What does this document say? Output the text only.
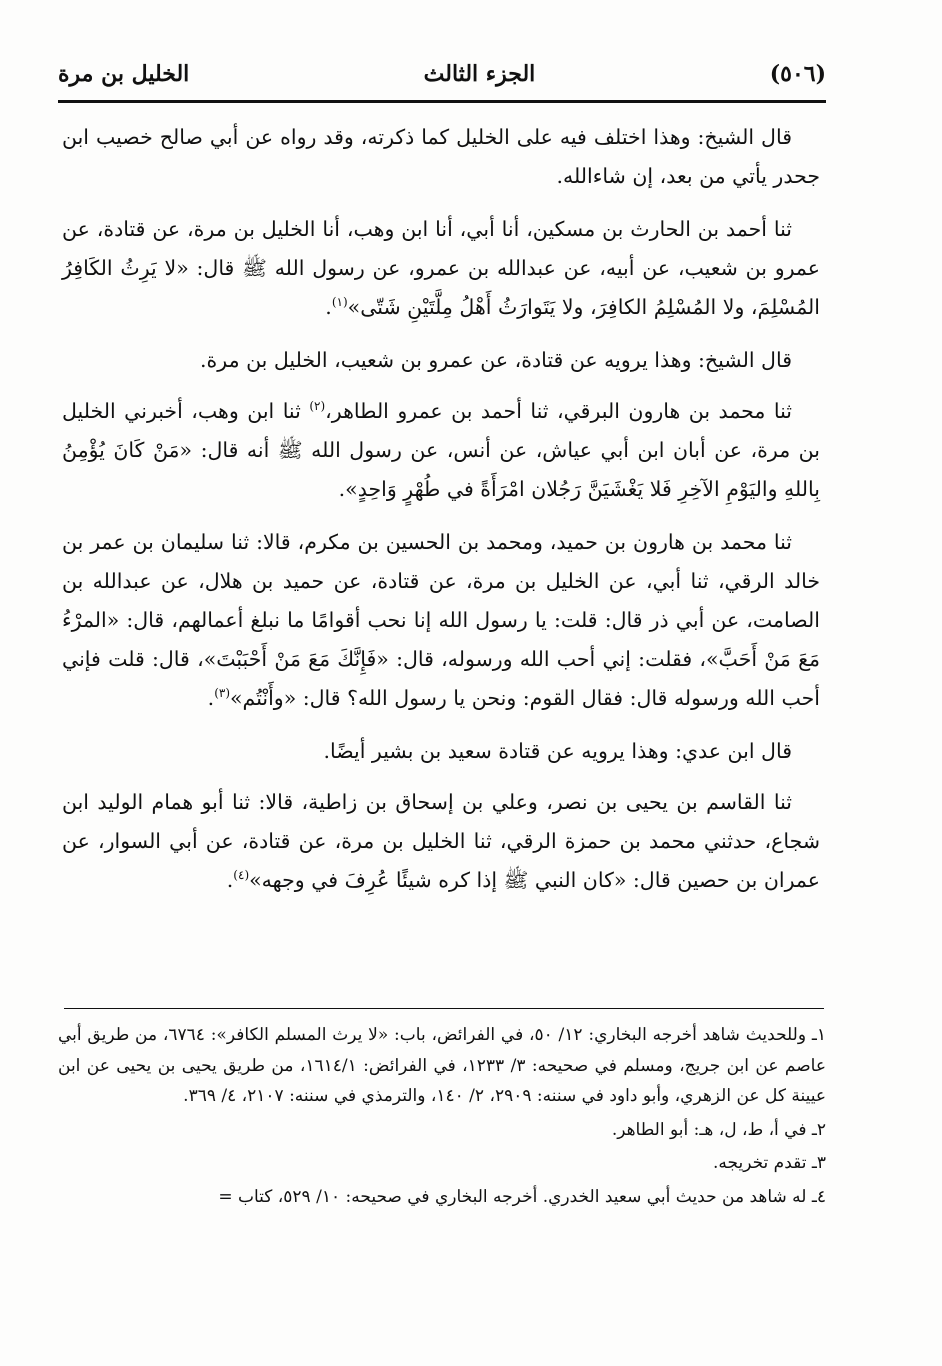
(٥٠٦)
الجزء الثالث
الخليل بن مرة

قال الشيخ: وهذا اختلف فيه على الخليل كما ذكرته، وقد رواه عن أبي صالح خصيب ابن جحدر يأتي من بعد، إن شاءالله.

ثنا أحمد بن الحارث بن مسكين، أنا أبي، أنا ابن وهب، أنا الخليل بن مرة، عن قتادة، عن عمرو بن شعيب، عن أبيه، عن عبدالله بن عمرو، عن رسول الله ﷺ قال: «لا يَرِثُ الكَافِرُ المُسْلِمَ، ولا المُسْلِمُ الكافِرَ، ولا يَتَوارَثُ أَهْلُ مِلَّتَيْنِ شَتّى»$^{(١)}$.

قال الشيخ: وهذا يرويه عن قتادة، عن عمرو بن شعيب، الخليل بن مرة.

ثنا محمد بن هارون البرقي، ثنا أحمد بن عمرو الطاهر،$^{(٢)}$ ثنا ابن وهب، أخبرني الخليل بن مرة، عن أبان ابن أبي عياش، عن أنس، عن رسول الله ﷺ أنه قال: «مَنْ كَانَ يُؤْمِنُ بِاللهِ واليَوْمِ الآخِرِ فَلا يَغْشَيَنَّ رَجُلان امْرَأَةً في طُهْرٍ وَاحِدٍ».

ثنا محمد بن هارون بن حميد، ومحمد بن الحسين بن مكرم، قالا: ثنا سليمان بن عمر بن خالد الرقي، ثنا أبي، عن الخليل بن مرة، عن قتادة، عن حميد بن هلال، عن عبدالله بن الصامت، عن أبي ذر قال: قلت: يا رسول الله إنا نحب أقوامًا ما نبلغ أعمالهم، قال: «المرْءُ مَعَ مَنْ أَحَبَّ»، فقلت: إني أحب الله ورسوله، قال: «فَإِنَّكَ مَعَ مَنْ أَحْبَبْتَ»، قال: قلت فإني أحب الله ورسوله قال: فقال القوم: ونحن يا رسول الله؟ قال: «وأَنْتُم»$^{(٣)}$.

قال ابن عدي: وهذا يرويه عن قتادة سعيد بن بشير أيضًا.

ثنا القاسم بن يحيى بن نصر، وعلي بن إسحاق بن زاطية، قالا: ثنا أبو همام الوليد ابن شجاع، حدثني محمد بن حمزة الرقي، ثنا الخليل بن مرة، عن قتادة، عن أبي السوار، عن عمران بن حصين قال: «كان النبي ﷺ إذا كره شيئًا عُرِفَ في وجهه»$^{(٤)}$.

١ـ وللحديث شاهد أخرجه البخاري: ١٢/ ٥٠، في الفرائض، باب: «لا يرث المسلم الكافر»: ٦٧٦٤، من طريق أبي عاصم عن ابن جريج، ومسلم في صحيحه: ٣/ ١٢٣٣، في الفرائض: ١٦١٤/١، من طريق يحيى بن يحيى عن ابن عيينة كل عن الزهري، وأبو داود في سننه: ٢٩٠٩، ٢/ ١٤٠، والترمذي في سننه: ٢١٠٧، ٤/ ٣٦٩.

٢ـ في أ، ط، ل، هـ: أبو الطاهر.

٣ـ تقدم تخريجه.

٤ـ له شاهد من حديث أبي سعيد الخدري. أخرجه البخاري في صحيحه: ١٠/ ٥٢٩، كتاب =
